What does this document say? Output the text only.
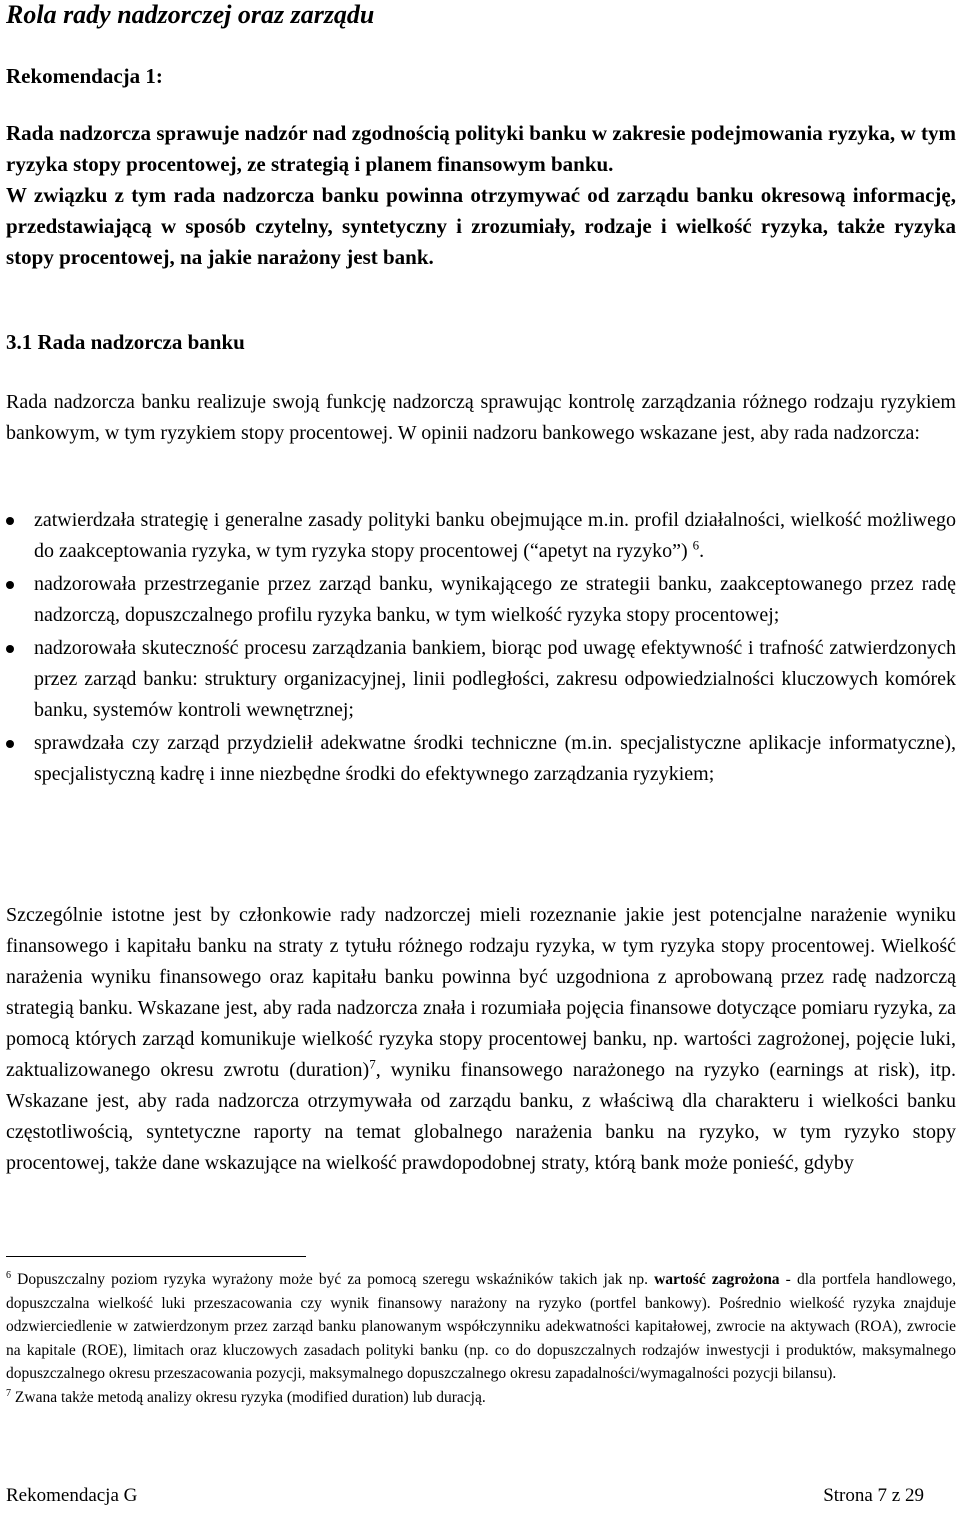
Rola rady nadzorczej oraz zarządu
Rekomendacja 1:

Rada nadzorcza sprawuje nadzór nad zgodnością polityki banku w zakresie podejmowania ryzyka, w tym ryzyka stopy procentowej, ze strategią i planem finansowym banku.

W związku z tym rada nadzorcza banku powinna otrzymywać od zarządu banku okresową informację, przedstawiającą w sposób czytelny, syntetyczny i zrozumiały, rodzaje i wielkość ryzyka, także ryzyka stopy procentowej, na jakie narażony jest bank.

3.1 Rada nadzorcza banku

Rada nadzorcza banku realizuje swoją funkcję nadzorczą sprawując kontrolę zarządzania różnego rodzaju ryzykiem bankowym, w tym ryzykiem stopy procentowej. W opinii nadzoru bankowego wskazane jest, aby rada nadzorcza:

zatwierdzała strategię i generalne zasady polityki banku obejmujące m.in. profil działalności, wielkość możliwego do zaakceptowania ryzyka, w tym ryzyka stopy procentowej (“apetyt na ryzyko”) $^6$.
nadzorowała przestrzeganie przez zarząd banku, wynikającego ze strategii banku, zaakceptowanego przez radę nadzorczą, dopuszczalnego profilu ryzyka banku, w tym wielkość ryzyka stopy procentowej;
nadzorowała skuteczność procesu zarządzania bankiem, biorąc pod uwagę efektywność i trafność zatwierdzonych przez zarząd banku: struktury organizacyjnej, linii podległości, zakresu odpowiedzialności kluczowych komórek banku, systemów kontroli wewnętrznej;
sprawdzała czy zarząd przydzielił adekwatne środki techniczne (m.in. specjalistyczne aplikacje informatyczne), specjalistyczną kadrę i inne niezbędne środki do efektywnego zarządzania ryzykiem;

Szczególnie istotne jest by członkowie rady nadzorczej mieli rozeznanie jakie jest potencjalne narażenie wyniku finansowego i kapitału banku na straty z tytułu różnego rodzaju ryzyka, w tym ryzyka stopy procentowej. Wielkość narażenia wyniku finansowego oraz kapitału banku powinna być uzgodniona z aprobowaną przez radę nadzorczą strategią banku. Wskazane jest, aby rada nadzorcza znała i rozumiała pojęcia finansowe dotyczące pomiaru ryzyka, za pomocą których zarząd komunikuje wielkość ryzyka stopy procentowej banku, np. wartości zagrożonej, pojęcie luki, zaktualizowanego okresu zwrotu (duration)$^7$, wyniku finansowego narażonego na ryzyko (earnings at risk), itp. Wskazane jest, aby rada nadzorcza otrzymywała od zarządu banku, z właściwą dla charakteru i wielkości banku częstotliwością, syntetyczne raporty na temat globalnego narażenia banku na ryzyko, w tym ryzyko stopy procentowej, także dane wskazujące na wielkość prawdopodobnej straty, którą bank może ponieść, gdyby

$^6$ Dopuszczalny poziom ryzyka wyrażony może być za pomocą szeregu wskaźników takich jak np. wartość zagrożona - dla portfela handlowego, dopuszczalna wielkość luki przeszacowania czy wynik finansowy narażony na ryzyko (portfel bankowy). Pośrednio wielkość ryzyka znajduje odzwierciedlenie w zatwierdzonym przez zarząd banku planowanym współczynniku adekwatności kapitałowej, zwrocie na aktywach (ROA), zwrocie na kapitale (ROE), limitach oraz kluczowych zasadach polityki banku (np. co do dopuszczalnych rodzajów inwestycji i produktów, maksymalnego dopuszczalnego okresu przeszacowania pozycji, maksymalnego dopuszczalnego okresu zapadalności/wymagalności pozycji bilansu).

$^7$ Zwana także metodą analizy okresu ryzyka (modified duration) lub duracją.

Rekomendacja G	Strona 7 z 29
